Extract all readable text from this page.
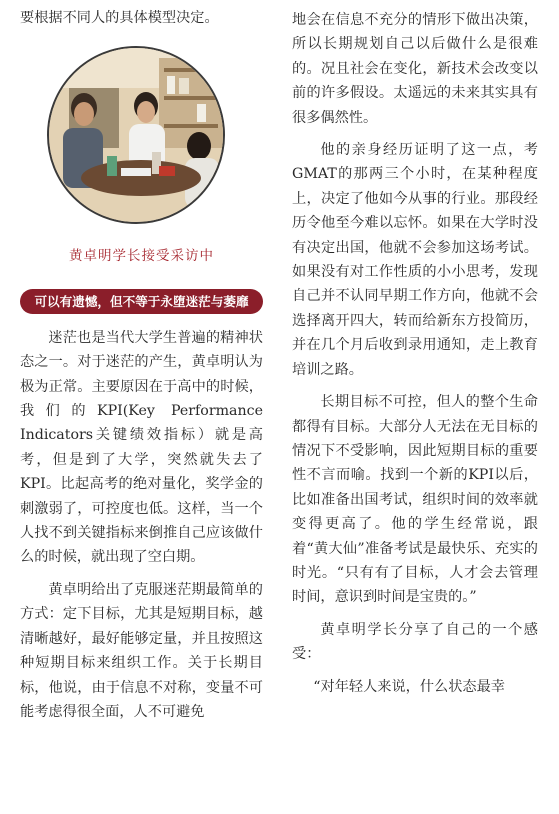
要根据不同人的具体模型决定。

黄卓明学长接受采访中
可以有遗憾，但不等于永堕迷茫与萎靡

迷茫也是当代大学生普遍的精神状态之一。对于迷茫的产生，黄卓明认为极为正常。主要原因在于高中的时候，我们的KPI(Key Performance Indicators关键绩效指标）就是高考，但是到了大学，突然就失去了KPI。比起高考的绝对量化，奖学金的刺激弱了，可控度也低。这样，当一个人找不到关键指标来倒推自己应该做什么的时候，就出现了空白期。

黄卓明给出了克服迷茫期最简单的方式：定下目标，尤其是短期目标，越清晰越好，最好能够定量，并且按照这种短期目标来组织工作。关于长期目标，他说，由于信息不对称，变量不可能考虑得很全面，人不可避免

地会在信息不充分的情形下做出决策，所以长期规划自己以后做什么是很难的。况且社会在变化，新技术会改变以前的许多假设。太遥远的未来其实具有很多偶然性。

他的亲身经历证明了这一点，考GMAT的那两三个小时，在某种程度上，决定了他如今从事的行业。那段经历令他至今难以忘怀。如果在大学时没有决定出国，他就不会参加这场考试。如果没有对工作性质的小小思考，发现自己并不认同早期工作方向，他就不会选择离开四大，转而给新东方投简历，并在几个月后收到录用通知，走上教育培训之路。

长期目标不可控，但人的整个生命都得有目标。大部分人无法在无目标的情况下不受影响，因此短期目标的重要性不言而喻。找到一个新的KPI以后，比如准备出国考试，组织时间的效率就变得更高了。他的学生经常说，跟着“黄大仙”准备考试是最快乐、充实的时光。“只有有了目标，人才会去管理时间，意识到时间是宝贵的。”

黄卓明学长分享了自己的一个感受：

“对年轻人来说，什么状态最幸
